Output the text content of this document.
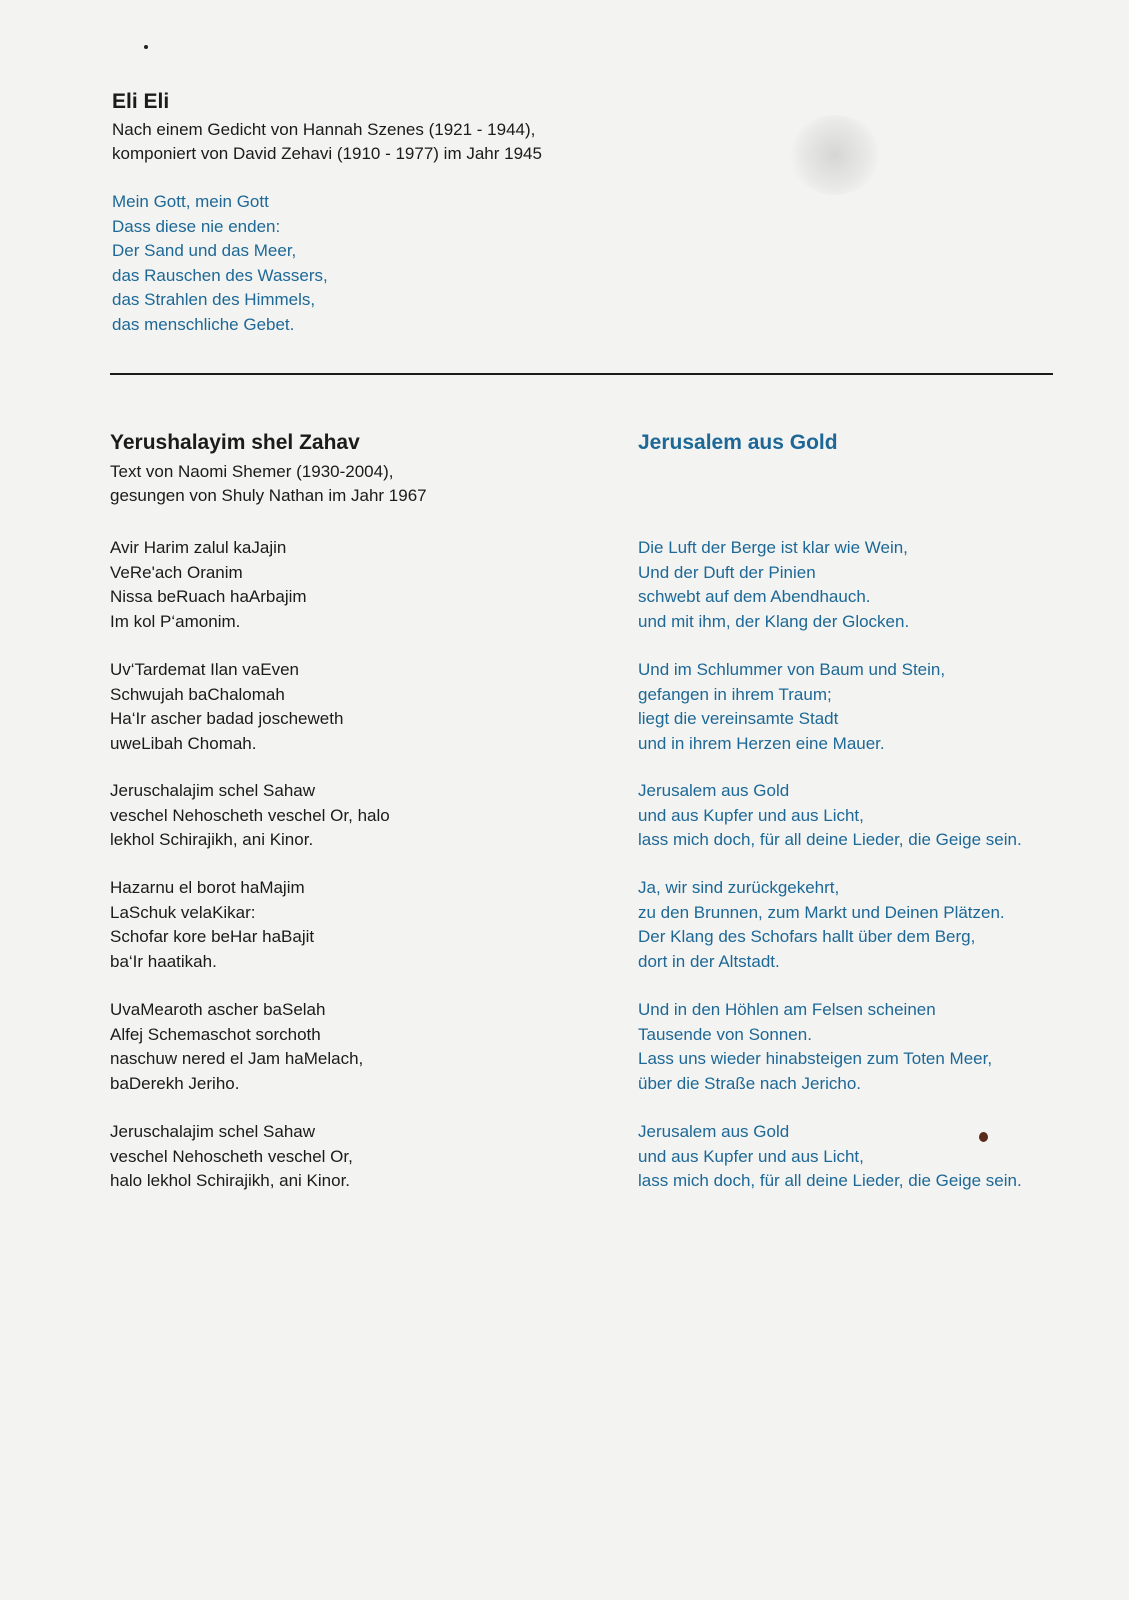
Eli Eli
Nach einem Gedicht von Hannah Szenes (1921 - 1944),
komponiert von David Zehavi (1910 - 1977) im Jahr 1945
Mein Gott, mein Gott
Dass diese nie enden:
Der Sand und das Meer,
das Rauschen des Wassers,
das Strahlen des Himmels,
das menschliche Gebet.
Yerushalayim shel Zahav
Text von Naomi Shemer (1930-2004),
gesungen von Shuly Nathan im Jahr 1967
Avir Harim zalul kaJajin
VeRe'ach Oranim
Nissa beRuach haArbajim
Im kol P‘amonim.
Uv‘Tardemat Ilan vaEven
Schwujah baChalomah
Ha‘Ir ascher badad joscheweth
uweLibah Chomah.
Jeruschalajim schel Sahaw
veschel Nehoscheth veschel Or, halo
lekhol Schirajikh, ani Kinor.
Hazarnu el borot haMajim
LaSchuk velaKikar:
Schofar kore beHar haBajit
ba‘Ir haatikah.
UvaMearoth ascher baSelah
Alfej Schemaschot sorchoth
naschuw nered el Jam haMelach,
baDerekh Jeriho.
Jeruschalajim schel Sahaw
veschel Nehoscheth veschel Or,
halo lekhol Schirajikh, ani Kinor.
Jerusalem aus Gold
Die Luft der Berge ist klar wie Wein,
Und der Duft der Pinien
schwebt auf dem Abendhauch.
und mit ihm, der Klang der Glocken.
Und im Schlummer von Baum und Stein,
gefangen in ihrem Traum;
liegt die vereinsamte Stadt
und in ihrem Herzen eine Mauer.
Jerusalem aus Gold
und aus Kupfer und aus Licht,
lass mich doch, für all deine Lieder, die Geige sein.
Ja, wir sind zurückgekehrt,
zu den Brunnen, zum Markt und Deinen Plätzen.
Der Klang des Schofars hallt über dem Berg,
dort in der Altstadt.
Und in den Höhlen am Felsen scheinen
Tausende von Sonnen.
Lass uns wieder hinabsteigen zum Toten Meer,
über die Straße nach Jericho.
Jerusalem aus Gold
und aus Kupfer und aus Licht,
lass mich doch, für all deine Lieder, die Geige sein.
